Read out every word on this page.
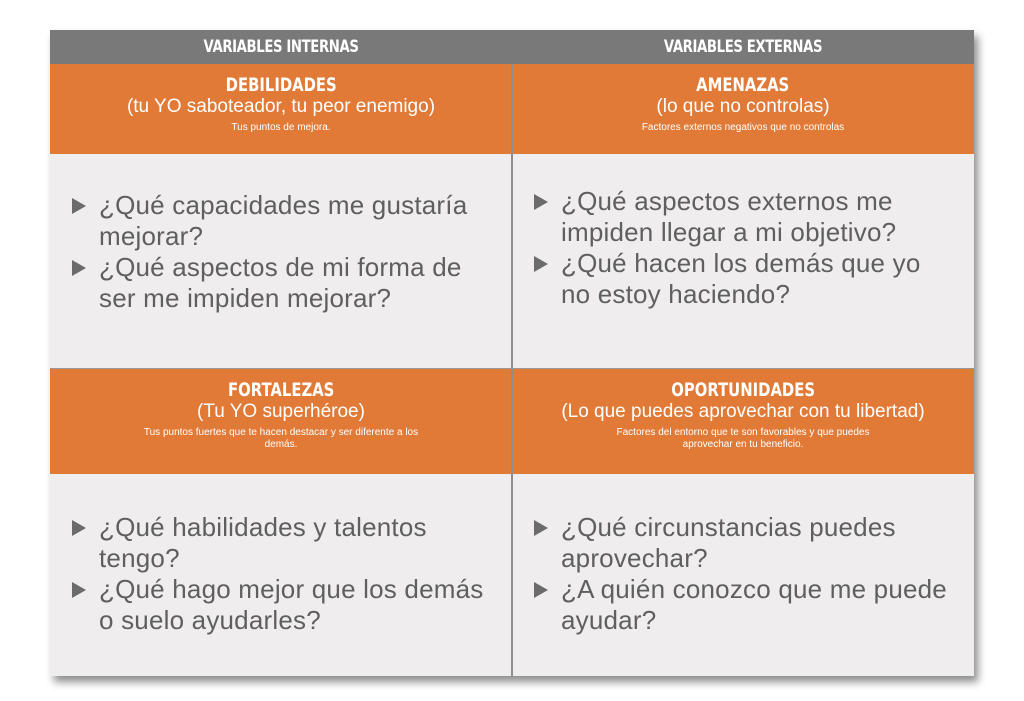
VARIABLES INTERNAS	VARIABLES EXTERNAS
DEBILIDADES
(tu YO saboteador, tu peor enemigo)
Tus puntos de mejora.
¿Qué capacidades me gustaría mejorar?
¿Qué aspectos de mi forma de ser me impiden mejorar?
AMENAZAS
(lo que no controlas)
Factores externos negativos que no controlas
¿Qué aspectos externos me impiden llegar a mi objetivo?
¿Qué hacen los demás que yo no estoy haciendo?
FORTALEZAS
(Tu YO superhéroe)
Tus puntos fuertes que te hacen destacar y ser diferente a los demás.
¿Qué habilidades y talentos tengo?
¿Qué hago mejor que los demás o suelo ayudarles?
OPORTUNIDADES
(Lo que puedes aprovechar con tu libertad)
Factores del entorno que te son favorables y que puedes aprovechar en tu beneficio.
¿Qué circunstancias puedes aprovechar?
¿A quién conozco que me puede ayudar?
